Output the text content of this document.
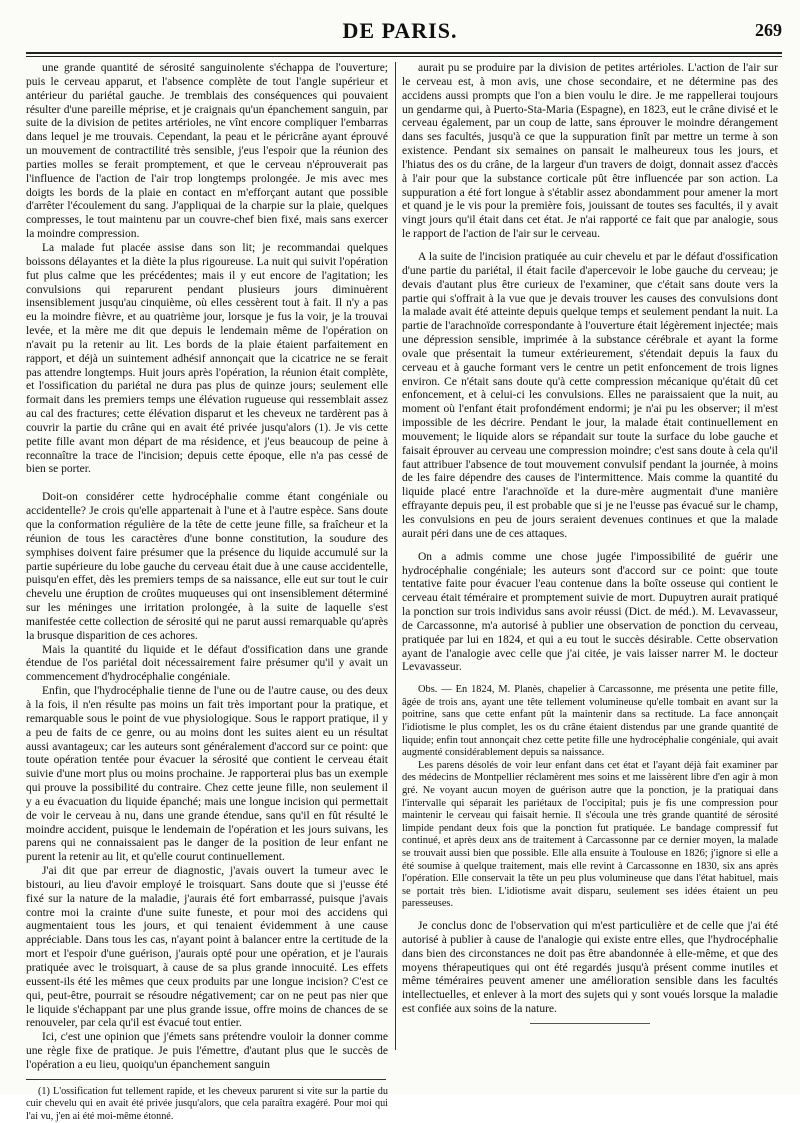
DE PARIS.	269

une grande quantité de sérosité sanguinolente s'échappa de l'ouverture; puis le cerveau apparut, et l'absence complète de tout l'angle supérieur et antérieur du pariétal gauche. Je tremblais des conséquences qui pouvaient résulter d'une pareille méprise, et je craignais qu'un épanchement sanguin, par suite de la division de petites artérioles, ne vînt encore compliquer l'embarras dans lequel je me trouvais. Cependant, la peau et le péricrâne ayant éprouvé un mouvement de contractilité très sensible, j'eus l'espoir que la réunion des parties molles se ferait promptement, et que le cerveau n'éprouverait pas l'influence de l'action de l'air trop longtemps prolongée. Je mis avec mes doigts les bords de la plaie en contact en m'efforçant autant que possible d'arrêter l'écoulement du sang. J'appliquai de la charpie sur la plaie, quelques compresses, le tout maintenu par un couvre-chef bien fixé, mais sans exercer la moindre compression.

La malade fut placée assise dans son lit; je recommandai quelques boissons délayantes et la diète la plus rigoureuse. La nuit qui suivit l'opération fut plus calme que les précédentes; mais il y eut encore de l'agitation; les convulsions qui reparurent pendant plusieurs jours diminuèrent insensiblement jusqu'au cinquième, où elles cessèrent tout à fait. Il n'y a pas eu la moindre fièvre, et au quatrième jour, lorsque je fus la voir, je la trouvai levée, et la mère me dit que depuis le lendemain même de l'opération on n'avait pu la retenir au lit. Les bords de la plaie étaient parfaitement en rapport, et déjà un suintement adhésif annonçait que la cicatrice ne se ferait pas attendre longtemps. Huit jours après l'opération, la réunion était complète, et l'ossification du pariétal ne dura pas plus de quinze jours; seulement elle formait dans les premiers temps une élévation rugueuse qui ressemblait assez au cal des fractures; cette élévation disparut et les cheveux ne tardèrent pas à couvrir la partie du crâne qui en avait été privée jusqu'alors (1). Je vis cette petite fille avant mon départ de ma résidence, et j'eus beaucoup de peine à reconnaître la trace de l'incision; depuis cette époque, elle n'a pas cessé de bien se porter.

Doit-on considérer cette hydrocéphalie comme étant congéniale ou accidentelle? Je crois qu'elle appartenait à l'une et à l'autre espèce. Sans doute que la conformation régulière de la tête de cette jeune fille, sa fraîcheur et la réunion de tous les caractères d'une bonne constitution, la soudure des symphises doivent faire présumer que la présence du liquide accumulé sur la partie supérieure du lobe gauche du cerveau était due à une cause accidentelle, puisqu'en effet, dès les premiers temps de sa naissance, elle eut sur tout le cuir chevelu une éruption de croûtes muqueuses qui ont insensiblement déterminé sur les méninges une irritation prolongée, à la suite de laquelle s'est manifestée cette collection de sérosité qui ne parut aussi remarquable qu'après la brusque disparition de ces achores.

Mais la quantité du liquide et le défaut d'ossification dans une grande étendue de l'os pariétal doit nécessairement faire présumer qu'il y avait un commencement d'hydrocéphalie congéniale.

Enfin, que l'hydrocéphalie tienne de l'une ou de l'autre cause, ou des deux à la fois, il n'en résulte pas moins un fait très important pour la pratique, et remarquable sous le point de vue physiologique. Sous le rapport pratique, il y a peu de faits de ce genre, ou au moins dont les suites aient eu un résultat aussi avantageux; car les auteurs sont généralement d'accord sur ce point: que toute opération tentée pour évacuer la sérosité que contient le cerveau était suivie d'une mort plus ou moins prochaine. Je rapporterai plus bas un exemple qui prouve la possibilité du contraire. Chez cette jeune fille, non seulement il y a eu évacuation du liquide épanché; mais une longue incision qui permettait de voir le cerveau à nu, dans une grande étendue, sans qu'il en fût résulté le moindre accident, puisque le lendemain de l'opération et les jours suivans, les parens qui ne connaissaient pas le danger de la position de leur enfant ne purent la retenir au lit, et qu'elle courut continuellement.

J'ai dit que par erreur de diagnostic, j'avais ouvert la tumeur avec le bistouri, au lieu d'avoir employé le troisquart. Sans doute que si j'eusse été fixé sur la nature de la maladie, j'aurais été fort embarrassé, puisque j'avais contre moi la crainte d'une suite funeste, et pour moi des accidens qui augmentaient tous les jours, et qui tenaient évidemment à une cause appréciable. Dans tous les cas, n'ayant point à balancer entre la certitude de la mort et l'espoir d'une guérison, j'aurais opté pour une opération, et je l'aurais pratiquée avec le troisquart, à cause de sa plus grande innocuité. Les effets eussent-ils été les mêmes que ceux produits par une longue incision? C'est ce qui, peut-être, pourrait se résoudre négativement; car on ne peut pas nier que le liquide s'échappant par une plus grande issue, offre moins de chances de se renouveler, par cela qu'il est évacué tout entier.

Ici, c'est une opinion que j'émets sans prétendre vouloir la donner comme une règle fixe de pratique. Je puis l'émettre, d'autant plus que le succès de l'opération a eu lieu, quoiqu'un épanchement sanguin

(1) L'ossification fut tellement rapide, et les cheveux parurent si vite sur la partie du cuir chevelu qui en avait été privée jusqu'alors, que cela paraîtra exagéré. Pour moi qui l'ai vu, j'en ai été moi-même étonné.

aurait pu se produire par la division de petites artérioles. L'action de l'air sur le cerveau est, à mon avis, une chose secondaire, et ne détermine pas des accidens aussi prompts que l'on a bien voulu le dire. Je me rappellerai toujours un gendarme qui, à Puerto-Sta-Maria (Espagne), en 1823, eut le crâne divisé et le cerveau également, par un coup de latte, sans éprouver le moindre dérangement dans ses facultés, jusqu'à ce que la suppuration finît par mettre un terme à son existence. Pendant six semaines on pansait le malheureux tous les jours, et l'hiatus des os du crâne, de la largeur d'un travers de doigt, donnait assez d'accès à l'air pour que la substance corticale pût être influencée par son action. La suppuration a été fort longue à s'établir assez abondamment pour amener la mort et quand je le vis pour la première fois, jouissant de toutes ses facultés, il y avait vingt jours qu'il était dans cet état. Je n'ai rapporté ce fait que par analogie, sous le rapport de l'action de l'air sur le cerveau.

A la suite de l'incision pratiquée au cuir chevelu et par le défaut d'ossification d'une partie du pariétal, il était facile d'apercevoir le lobe gauche du cerveau; je devais d'autant plus être curieux de l'examiner, que c'était sans doute vers la partie qui s'offrait à la vue que je devais trouver les causes des convulsions dont la malade avait été atteinte depuis quelque temps et seulement pendant la nuit. La partie de l'arachnoïde correspondante à l'ouverture était légèrement injectée; mais une dépression sensible, imprimée à la substance cérébrale et ayant la forme ovale que présentait la tumeur extérieurement, s'étendait depuis la faux du cerveau et à gauche formant vers le centre un petit enfoncement de trois lignes environ. Ce n'était sans doute qu'à cette compression mécanique qu'était dû cet enfoncement, et à celui-ci les convulsions. Elles ne paraissaient que la nuit, au moment où l'enfant était profondément endormi; je n'ai pu les observer; il m'est impossible de les décrire. Pendant le jour, la malade était continuellement en mouvement; le liquide alors se répandait sur toute la surface du lobe gauche et faisait éprouver au cerveau une compression moindre; c'est sans doute à cela qu'il faut attribuer l'absence de tout mouvement convulsif pendant la journée, à moins de les faire dépendre des causes de l'intermittence. Mais comme la quantité du liquide placé entre l'arachnoïde et la dure-mère augmentait d'une manière effrayante depuis peu, il est probable que si je ne l'eusse pas évacué sur le champ, les convulsions en peu de jours seraient devenues continues et que la malade aurait péri dans une de ces attaques.

On a admis comme une chose jugée l'impossibilité de guérir une hydrocéphalie congéniale; les auteurs sont d'accord sur ce point: que toute tentative faite pour évacuer l'eau contenue dans la boîte osseuse qui contient le cerveau était téméraire et promptement suivie de mort. Dupuytren aurait pratiqué la ponction sur trois individus sans avoir réussi (Dict. de méd.). M. Levavasseur, de Carcassonne, m'a autorisé à publier une observation de ponction du cerveau, pratiquée par lui en 1824, et qui a eu tout le succès désirable. Cette observation ayant de l'analogie avec celle que j'ai citée, je vais laisser narrer M. le docteur Levavasseur.

Obs. — En 1824, M. Planès, chapelier à Carcassonne, me présenta une petite fille, âgée de trois ans, ayant une tête tellement volumineuse qu'elle tombait en avant sur la poitrine, sans que cette enfant pût la maintenir dans sa rectitude. La face annonçait l'idiotisme le plus complet, les os du crâne étaient distendus par une grande quantité de liquide; enfin tout annonçait chez cette petite fille une hydrocéphalie congéniale, qui avait augmenté considérablement depuis sa naissance.

Les parens désolés de voir leur enfant dans cet état et l'ayant déjà fait examiner par des médecins de Montpellier réclamèrent mes soins et me laissèrent libre d'en agir à mon gré. Ne voyant aucun moyen de guérison autre que la ponction, je la pratiquai dans l'intervalle qui séparait les pariétaux de l'occipital; puis je fis une compression pour maintenir le cerveau qui faisait hernie. Il s'écoula une très grande quantité de sérosité limpide pendant deux fois que la ponction fut pratiquée. Le bandage compressif fut continué, et après deux ans de traitement à Carcassonne par ce dernier moyen, la malade se trouvait aussi bien que possible. Elle alla ensuite à Toulouse en 1826; j'ignore si elle a été soumise à quelque traitement, mais elle revint à Carcassonne en 1830, six ans après l'opération. Elle conservait la tête un peu plus volumineuse que dans l'état habituel, mais se portait très bien. L'idiotisme avait disparu, seulement ses idées étaient un peu paresseuses.

Je conclus donc de l'observation qui m'est particulière et de celle que j'ai été autorisé à publier à cause de l'analogie qui existe entre elles, que l'hydrocéphalie dans bien des circonstances ne doit pas être abandonnée à elle-même, et que des moyens thérapeutiques qui ont été regardés jusqu'à présent comme inutiles et même téméraires peuvent amener une amélioration sensible dans les facultés intellectuelles, et enlever à la mort des sujets qui y sont voués lorsque la maladie est confiée aux soins de la nature.
